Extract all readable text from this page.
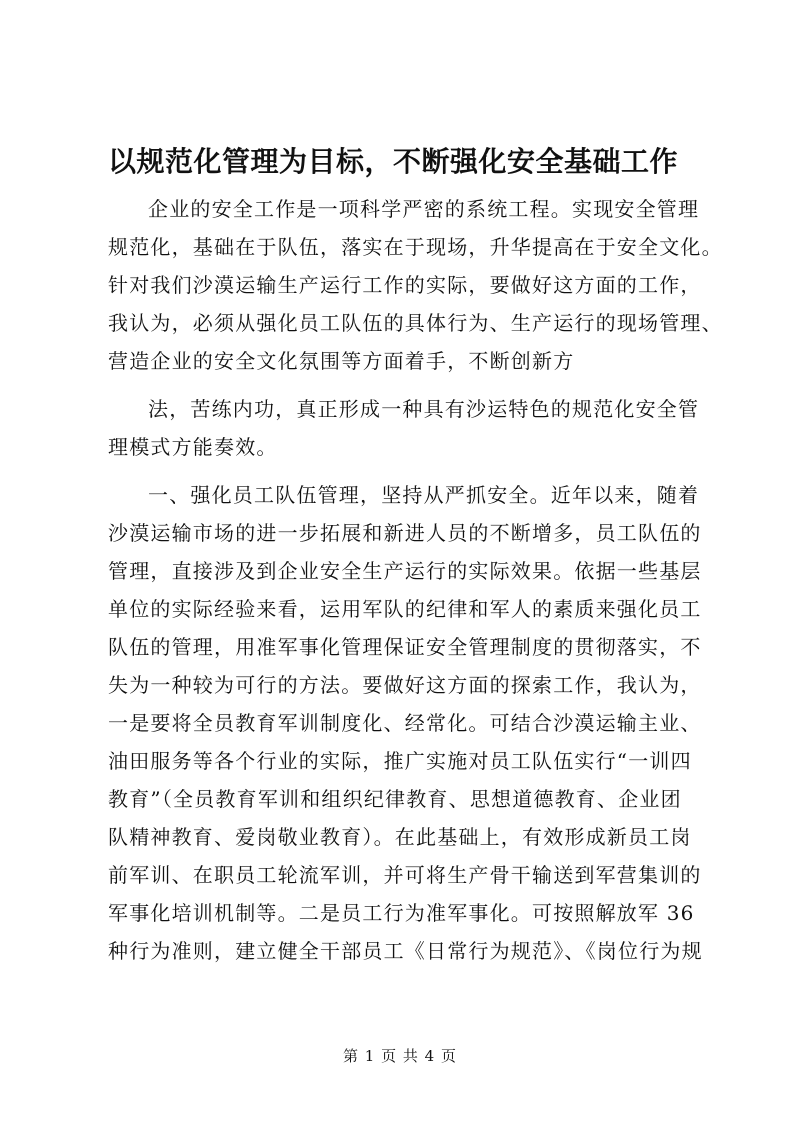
以规范化管理为目标，不断强化安全基础工作
企业的安全工作是一项科学严密的系统工程。实现安全管理
规范化，基础在于队伍，落实在于现场，升华提高在于安全文化。
针对我们沙漠运输生产运行工作的实际，要做好这方面的工作，
我认为，必须从强化员工队伍的具体行为、生产运行的现场管理、
营造企业的安全文化氛围等方面着手，不断创新方
法，苦练内功，真正形成一种具有沙运特色的规范化安全管
理模式方能奏效。
一、强化员工队伍管理，坚持从严抓安全。近年以来，随着
沙漠运输市场的进一步拓展和新进人员的不断增多，员工队伍的
管理，直接涉及到企业安全生产运行的实际效果。依据一些基层
单位的实际经验来看，运用军队的纪律和军人的素质来强化员工
队伍的管理，用准军事化管理保证安全管理制度的贯彻落实，不
失为一种较为可行的方法。要做好这方面的探索工作，我认为，
一是要将全员教育军训制度化、经常化。可结合沙漠运输主业、
油田服务等各个行业的实际，推广实施对员工队伍实行“一训四
教育”（全员教育军训和组织纪律教育、思想道德教育、企业团
队精神教育、爱岗敬业教育）。在此基础上，有效形成新员工岗
前军训、在职员工轮流军训，并可将生产骨干输送到军营集训的
军事化培训机制等。二是员工行为准军事化。可按照解放军 36
种行为准则，建立健全干部员工《日常行为规范》、《岗位行为规
第 1 页 共 4 页
